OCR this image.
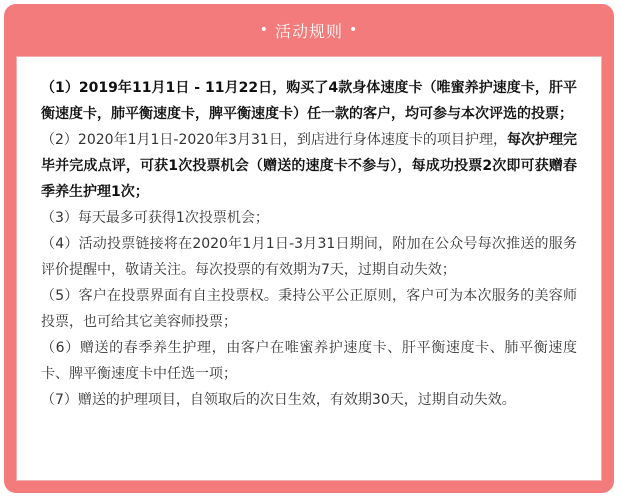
• 活动规则 •

（1）2019年11月1日 - 11月22日，购买了4款身体速度卡（唯蜜养护速度卡，肝平衡速度卡，肺平衡速度卡，脾平衡速度卡）任一款的客户，均可参与本次评选的投票；

（2）2020年1月1日-2020年3月31日，到店进行身体速度卡的项目护理，每次护理完毕并完成点评，可获1次投票机会（赠送的速度卡不参与），每成功投票2次即可获赠春季养生护理1次；

（3）每天最多可获得1次投票机会；

（4）活动投票链接将在2020年1月1日-3月31日期间，附加在公众号每次推送的服务评价提醒中，敬请关注。每次投票的有效期为7天，过期自动失效；

（5）客户在投票界面有自主投票权。秉持公平公正原则，客户可为本次服务的美容师投票，也可给其它美容师投票；

（6）赠送的春季养生护理，由客户在唯蜜养护速度卡、肝平衡速度卡、肺平衡速度卡、脾平衡速度卡中任选一项；

（7）赠送的护理项目，自领取后的次日生效，有效期30天，过期自动失效。
